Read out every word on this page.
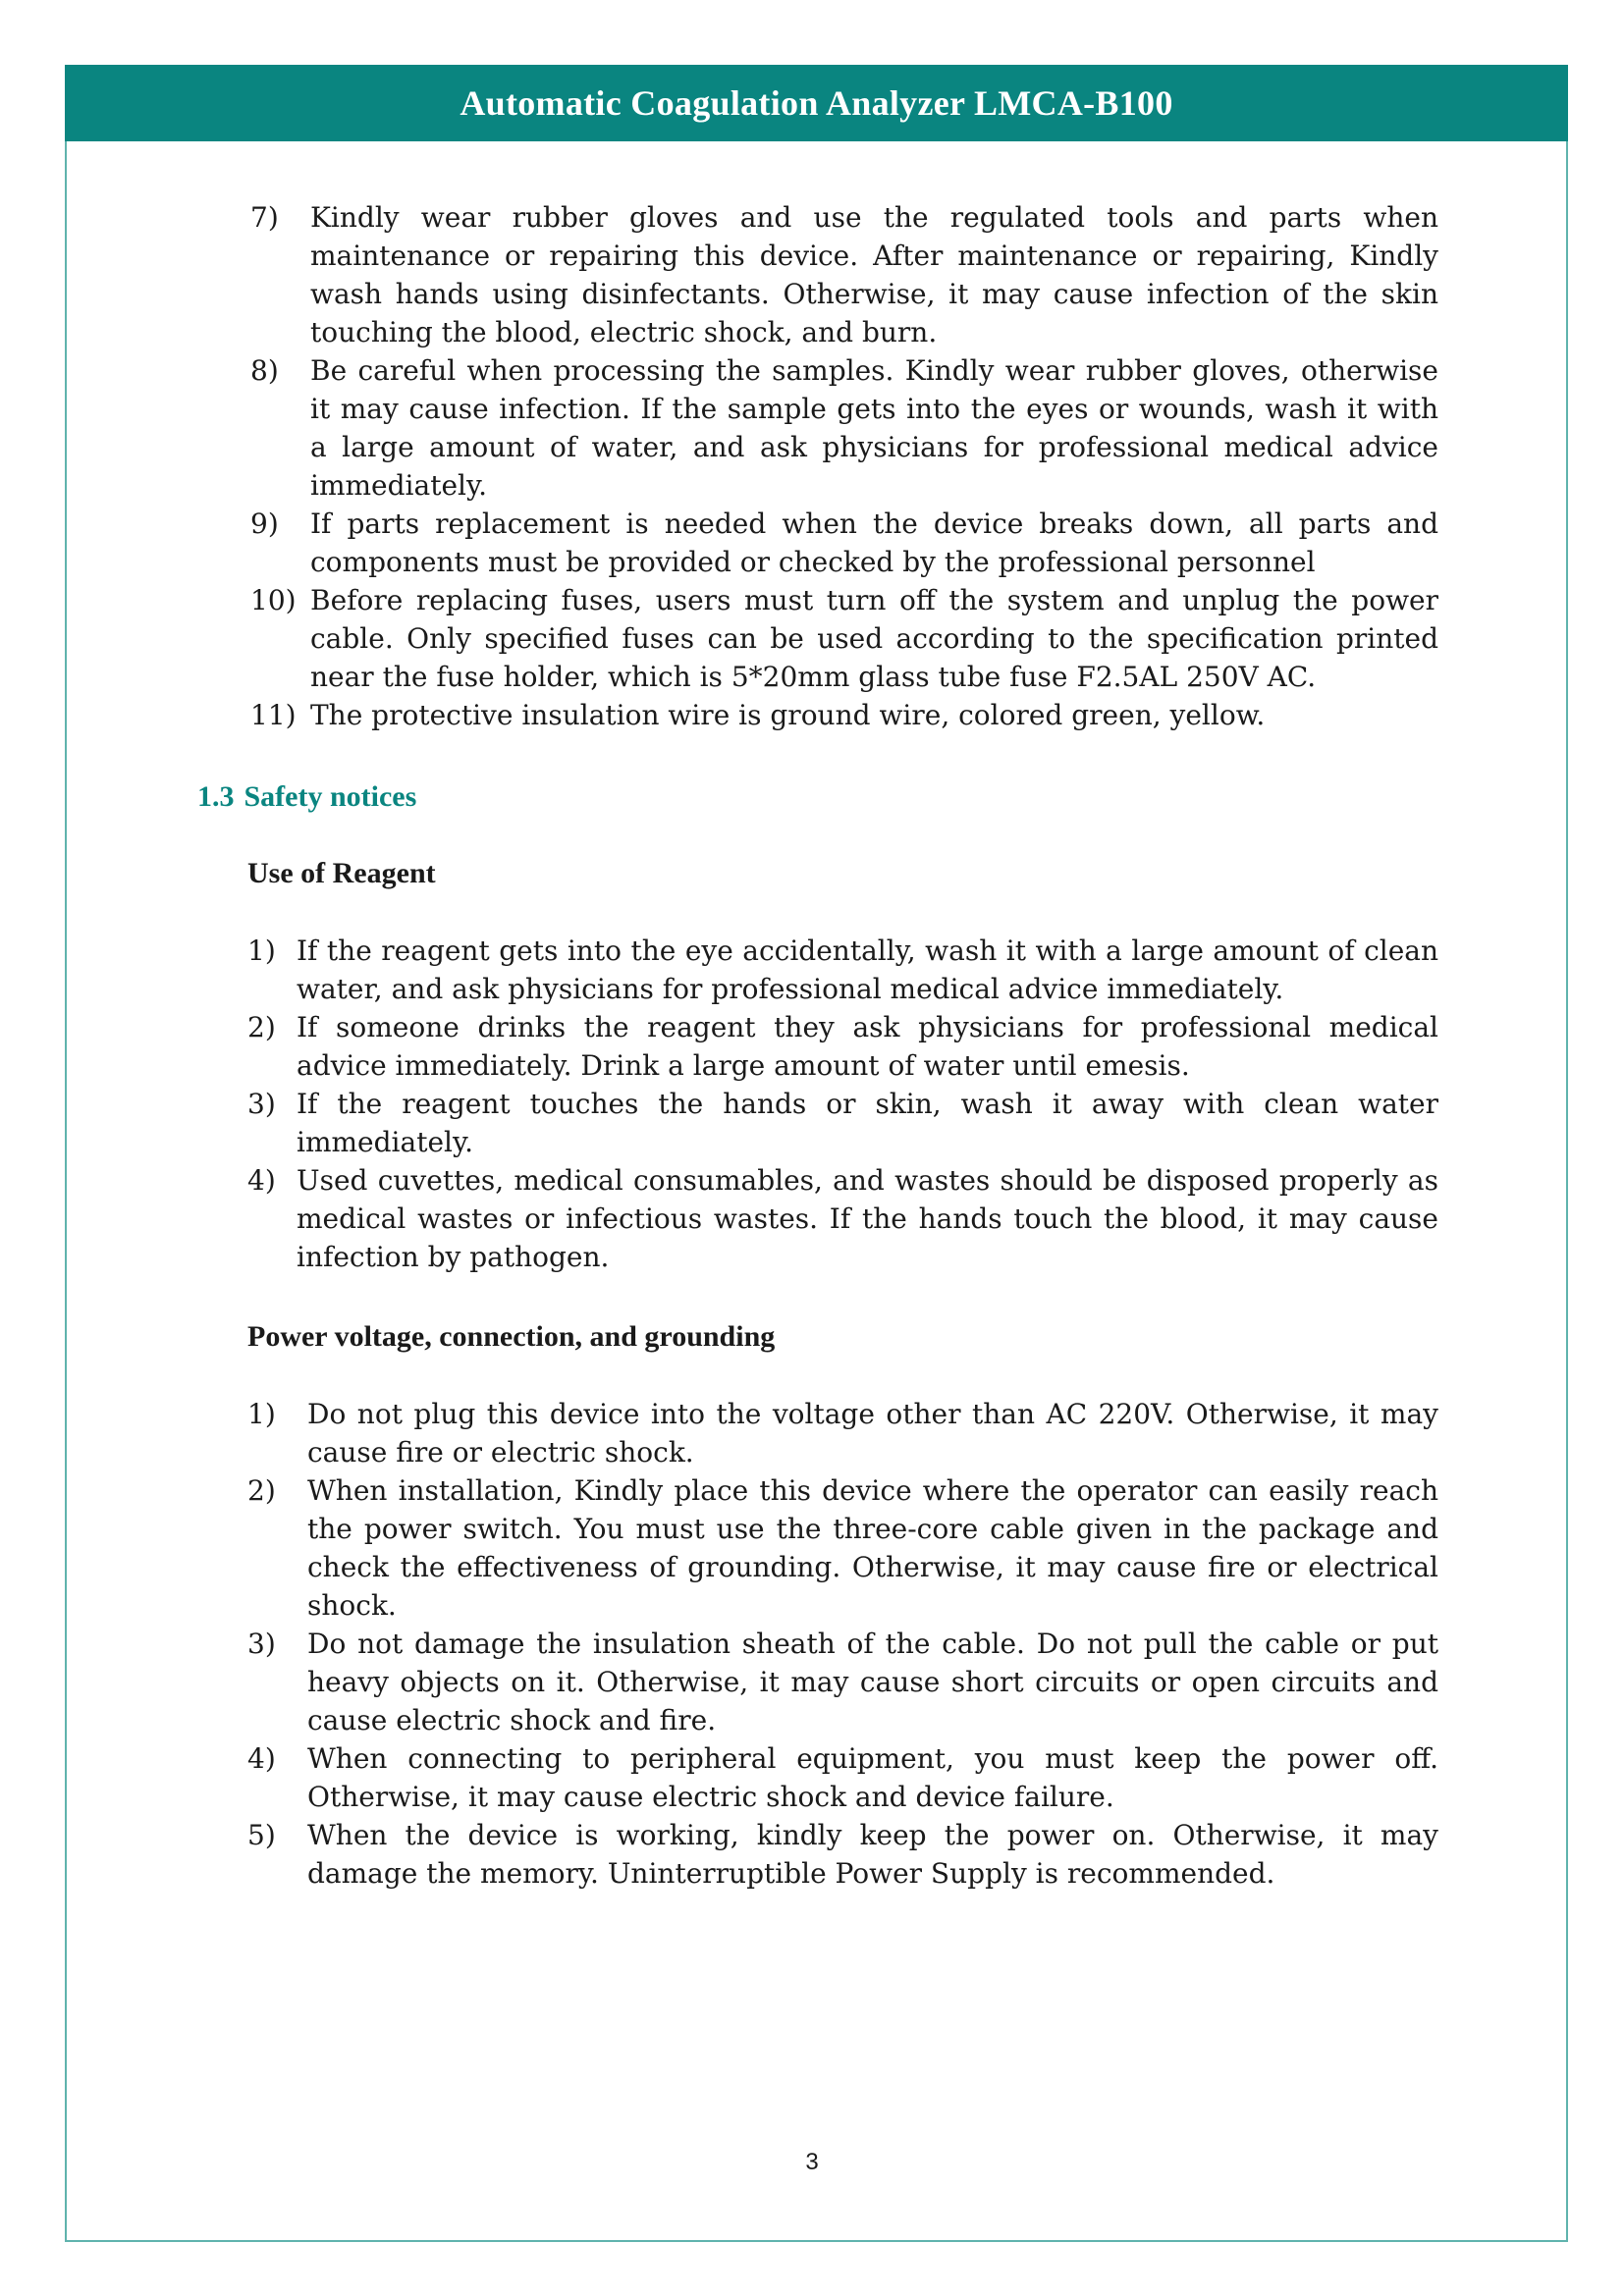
Automatic Coagulation Analyzer LMCA-B100
7)	Kindly wear rubber gloves and use the regulated tools and parts when maintenance or repairing this device. After maintenance or repairing, Kindly wash hands using disinfectants. Otherwise, it may cause infection of the skin touching the blood, electric shock, and burn.
8)	Be careful when processing the samples. Kindly wear rubber gloves, otherwise it may cause infection. If the sample gets into the eyes or wounds, wash it with a large amount of water, and ask physicians for professional medical advice immediately.
9)	If parts replacement is needed when the device breaks down, all parts and components must be provided or checked by the professional personnel
10) Before replacing fuses, users must turn off the system and unplug the power cable. Only specified fuses can be used according to the specification printed near the fuse holder, which is 5*20mm glass tube fuse F2.5AL 250V AC.
11) The protective insulation wire is ground wire, colored green, yellow.
1.3 Safety notices
Use of Reagent
1) If the reagent gets into the eye accidentally, wash it with a large amount of clean water, and ask physicians for professional medical advice immediately.
2) If someone drinks the reagent they ask physicians for professional medical advice immediately. Drink a large amount of water until emesis.
3) If the reagent touches the hands or skin, wash it away with clean water immediately.
4) Used cuvettes, medical consumables, and wastes should be disposed properly as medical wastes or infectious wastes. If the hands touch the blood, it may cause infection by pathogen.
Power voltage, connection, and grounding
1)	Do not plug this device into the voltage other than AC 220V. Otherwise, it may cause fire or electric shock.
2)	When installation, Kindly place this device where the operator can easily reach the power switch. You must use the three-core cable given in the package and check the effectiveness of grounding. Otherwise, it may cause fire or electrical shock.
3)	Do not damage the insulation sheath of the cable. Do not pull the cable or put heavy objects on it. Otherwise, it may cause short circuits or open circuits and cause electric shock and fire.
4)	When connecting to peripheral equipment, you must keep the power off. Otherwise, it may cause electric shock and device failure.
5)	When the device is working, kindly keep the power on. Otherwise, it may damage the memory. Uninterruptible Power Supply is recommended.
3
